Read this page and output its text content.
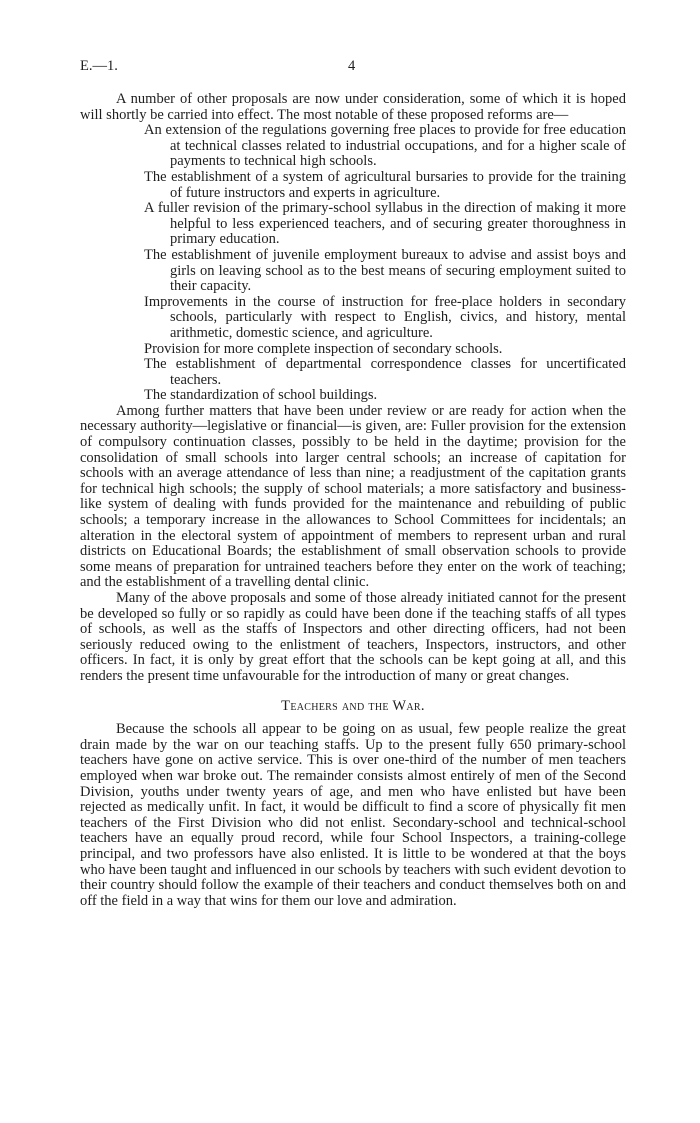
E.—1.	4

A number of other proposals are now under consideration, some of which it is hoped will shortly be carried into effect. The most notable of these proposed reforms are—

An extension of the regulations governing free places to provide for free education at technical classes related to industrial occupations, and for a higher scale of payments to technical high schools.
The establishment of a system of agricultural bursaries to provide for the training of future instructors and experts in agriculture.
A fuller revision of the primary-school syllabus in the direction of making it more helpful to less experienced teachers, and of securing greater thoroughness in primary education.
The establishment of juvenile employment bureaux to advise and assist boys and girls on leaving school as to the best means of securing employment suited to their capacity.
Improvements in the course of instruction for free-place holders in secondary schools, particularly with respect to English, civics, and history, mental arithmetic, domestic science, and agriculture.
Provision for more complete inspection of secondary schools.
The establishment of departmental correspondence classes for uncertificated teachers.
The standardization of school buildings.

Among further matters that have been under review or are ready for action when the necessary authority—legislative or financial—is given, are: Fuller provision for the extension of compulsory continuation classes, possibly to be held in the daytime; provision for the consolidation of small schools into larger central schools; an increase of capitation for schools with an average attendance of less than nine; a readjustment of the capitation grants for technical high schools; the supply of school materials; a more satisfactory and business-like system of dealing with funds provided for the maintenance and rebuilding of public schools; a temporary increase in the allowances to School Committees for incidentals; an alteration in the electoral system of appointment of members to represent urban and rural districts on Educational Boards; the establishment of small observation schools to provide some means of preparation for untrained teachers before they enter on the work of teaching; and the establishment of a travelling dental clinic.

Many of the above proposals and some of those already initiated cannot for the present be developed so fully or so rapidly as could have been done if the teaching staffs of all types of schools, as well as the staffs of Inspectors and other directing officers, had not been seriously reduced owing to the enlistment of teachers, Inspectors, instructors, and other officers. In fact, it is only by great effort that the schools can be kept going at all, and this renders the present time unfavourable for the introduction of many or great changes.

Teachers and the War.

Because the schools all appear to be going on as usual, few people realize the great drain made by the war on our teaching staffs. Up to the present fully 650 primary-school teachers have gone on active service. This is over one-third of the number of men teachers employed when war broke out. The remainder consists almost entirely of men of the Second Division, youths under twenty years of age, and men who have enlisted but have been rejected as medically unfit. In fact, it would be difficult to find a score of physically fit men teachers of the First Division who did not enlist. Secondary-school and technical-school teachers have an equally proud record, while four School Inspectors, a training-college principal, and two professors have also enlisted. It is little to be wondered at that the boys who have been taught and influenced in our schools by teachers with such evident devotion to their country should follow the example of their teachers and conduct themselves both on and off the field in a way that wins for them our love and admiration.
